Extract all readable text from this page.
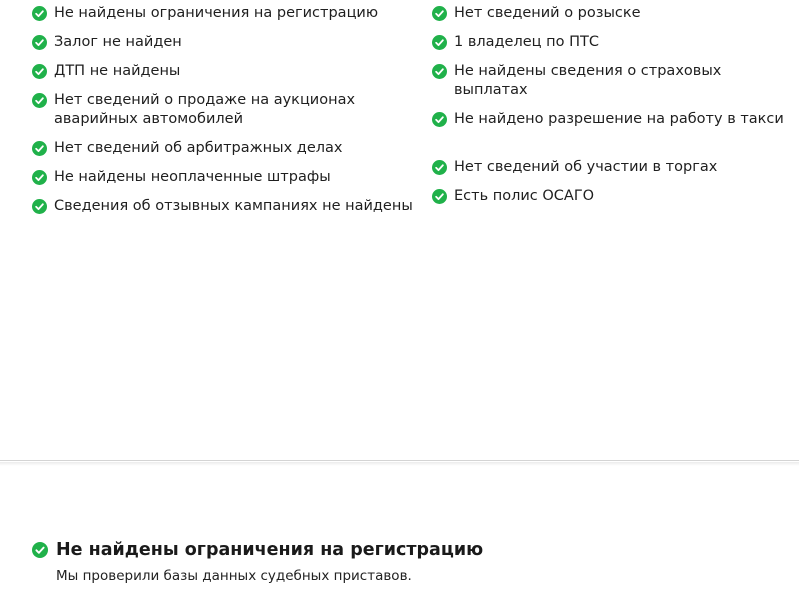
Не найдены ограничения на регистрацию
Залог не найден
ДТП не найдены
Нет сведений о продаже на аукционах аварийных автомобилей
Нет сведений об арбитражных делах
Не найдены неоплаченные штрафы
Сведения об отзывных кампаниях не найдены
Нет сведений о розыске
1 владелец по ПТС
Не найдены сведения о страховых выплатах
Не найдено разрешение на работу в такси
Нет сведений об участии в торгах
Есть полис ОСАГО
Не найдены ограничения на регистрацию
Мы проверили базы данных судебных приставов.
